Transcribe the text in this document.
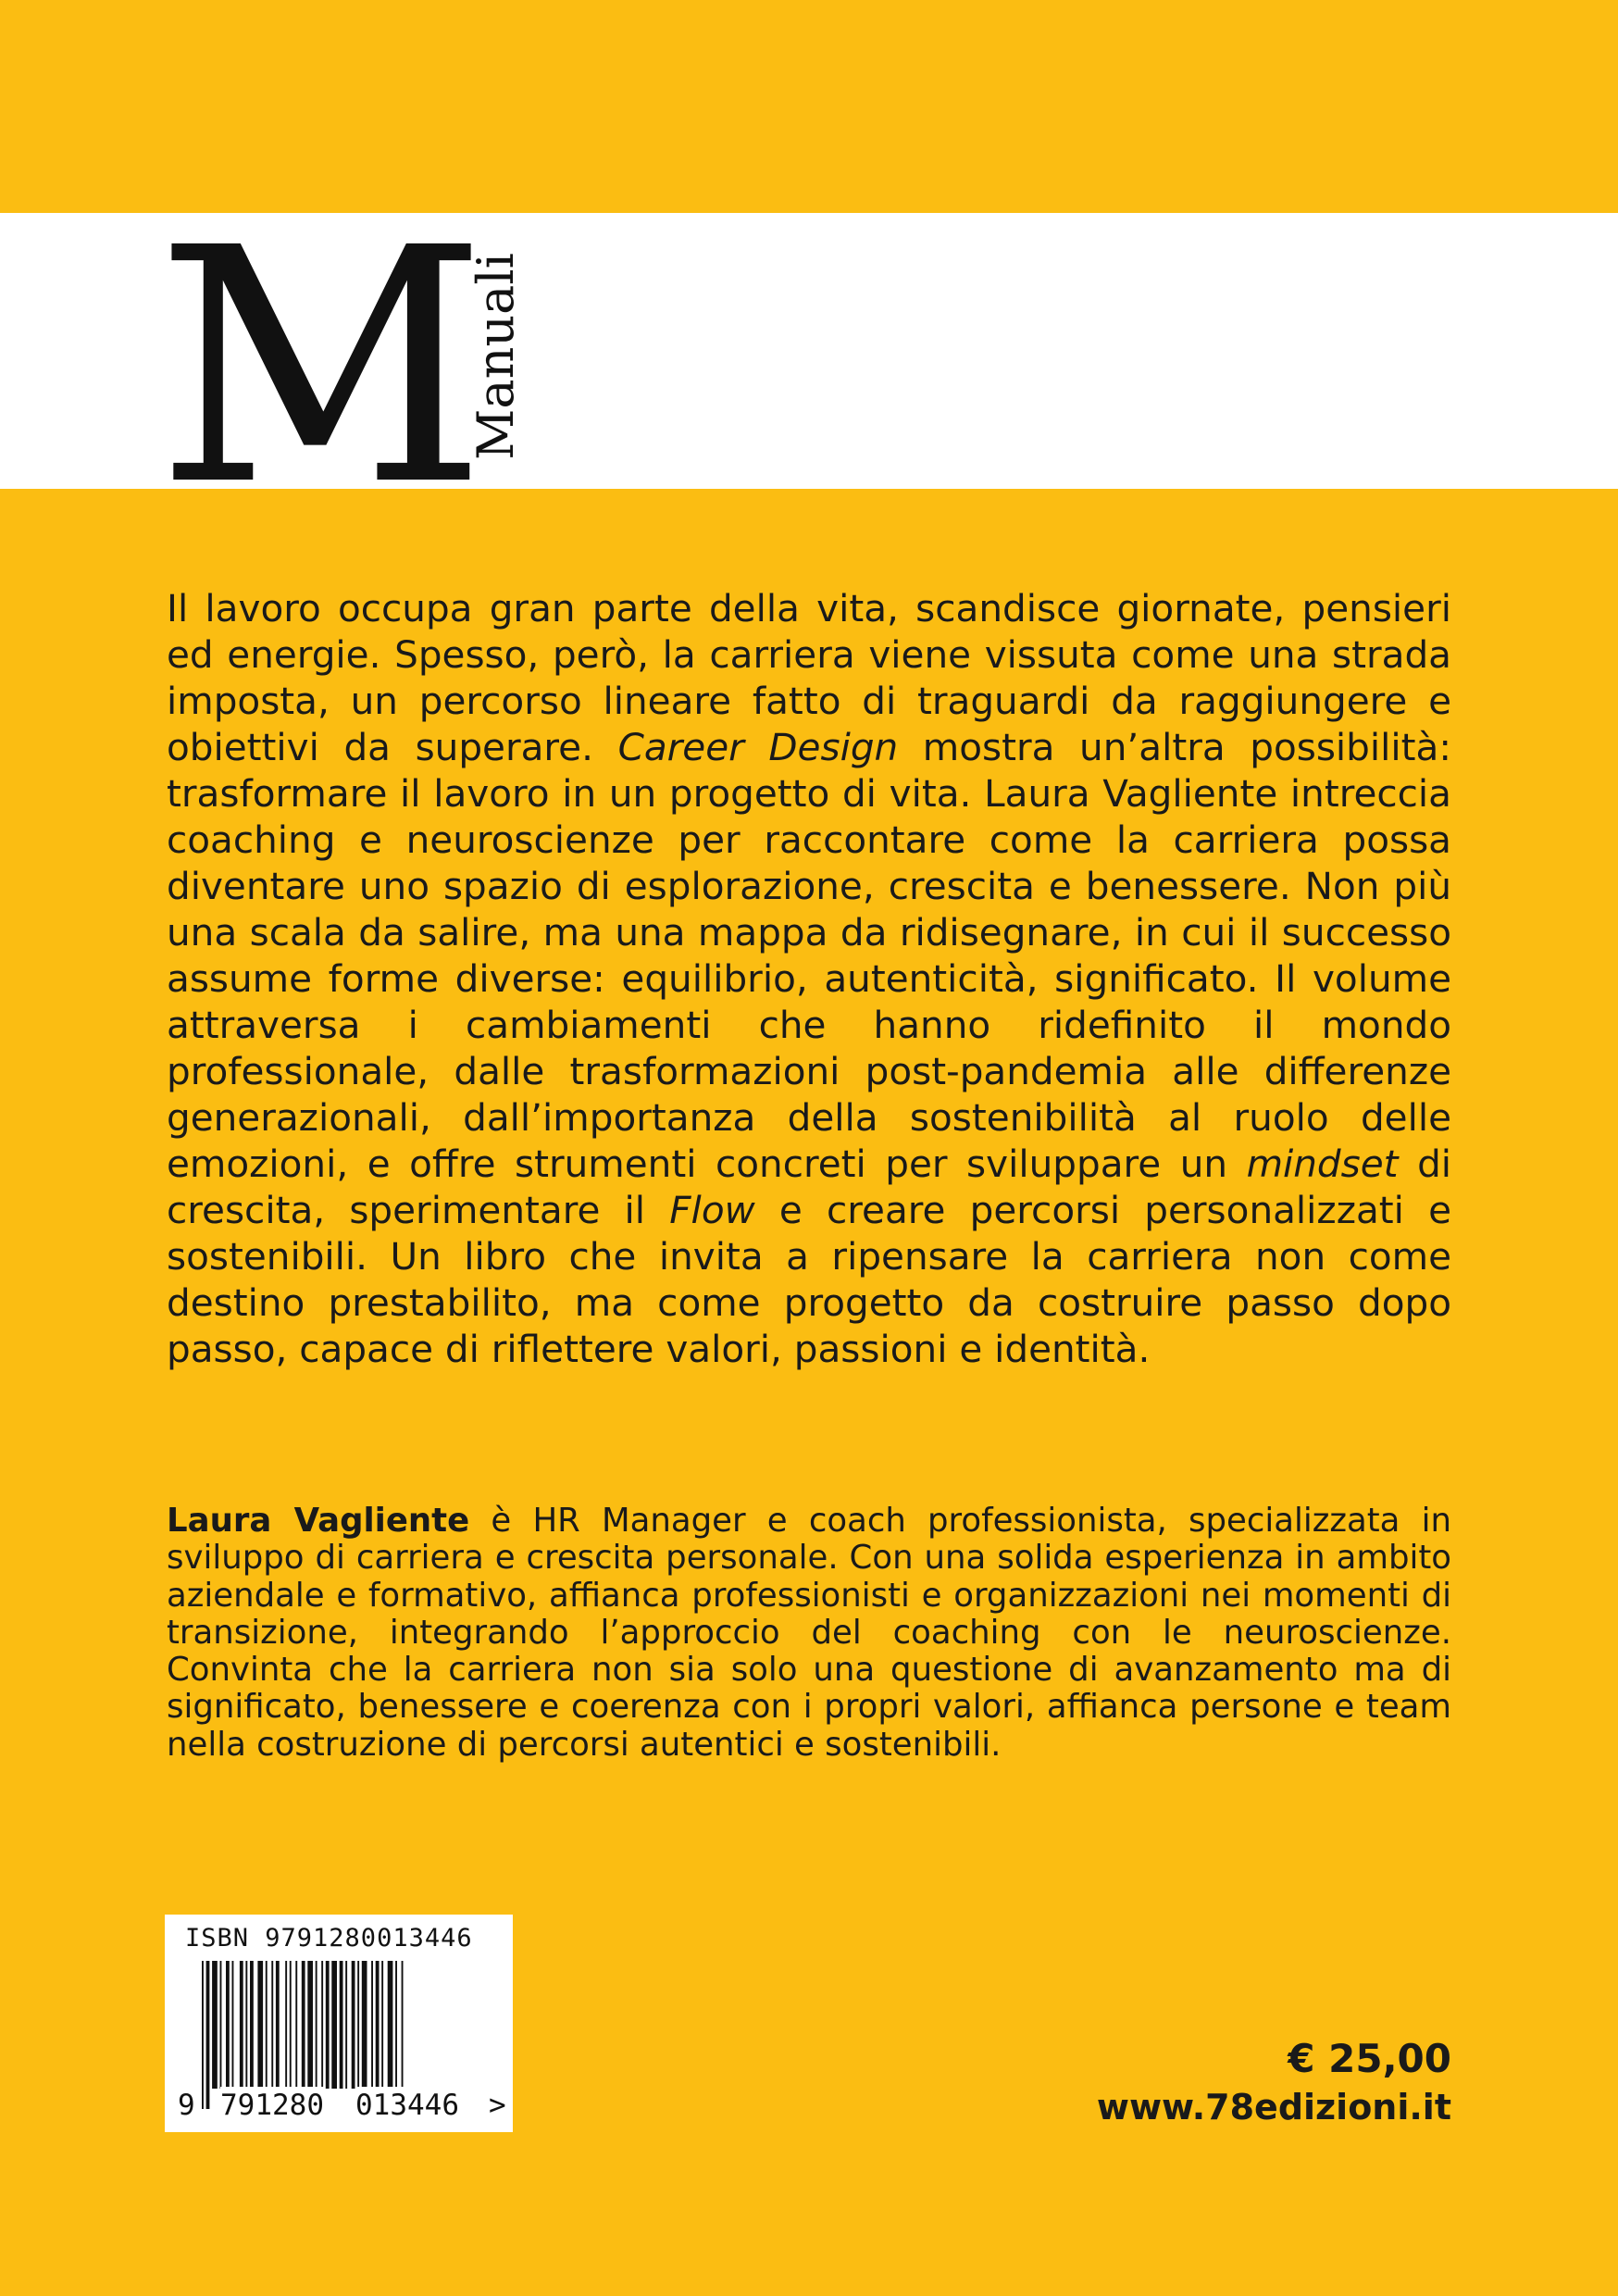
M
Manuali

Il lavoro occupa gran parte della vita, scandisce giornate, pensieri ed energie. Spesso, però, la carriera viene vissuta come una strada imposta, un percorso lineare fatto di traguardi da raggiungere e obiettivi da superare. Career Design mostra un’altra possibilità: trasformare il lavoro in un progetto di vita. Laura Vagliente intreccia coaching e neuroscienze per raccontare come la carriera possa diventare uno spazio di esplorazione, crescita e benessere. Non più una scala da salire, ma una mappa da ridisegnare, in cui il successo assume forme diverse: equilibrio, autenticità, significato. Il volume attraversa i cambiamenti che hanno ridefinito il mondo professionale, dalle trasformazioni post-pandemia alle differenze generazionali, dall’importanza della sostenibilità al ruolo delle emozioni, e offre strumenti concreti per sviluppare un mindset di crescita, sperimentare il Flow e creare percorsi personalizzati e sostenibili. Un libro che invita a ripensare la carriera non come destino prestabilito, ma come progetto da costruire passo dopo passo, capace di riflettere valori, passioni e identità.

Laura Vagliente è HR Manager e coach professionista, specializzata in sviluppo di carriera e crescita personale. Con una solida esperienza in ambito aziendale e formativo, affianca professionisti e organizzazioni nei momenti di transizione, integrando l’approccio del coaching con le neuroscienze. Convinta che la carriera non sia solo una questione di avanzamento ma di significato, benessere e coerenza con i propri valori, affianca persone e team nella costruzione di percorsi autentici e sostenibili.

ISBN 9791280013446
9 791280 013446 >
€ 25,00
www.78edizioni.it
